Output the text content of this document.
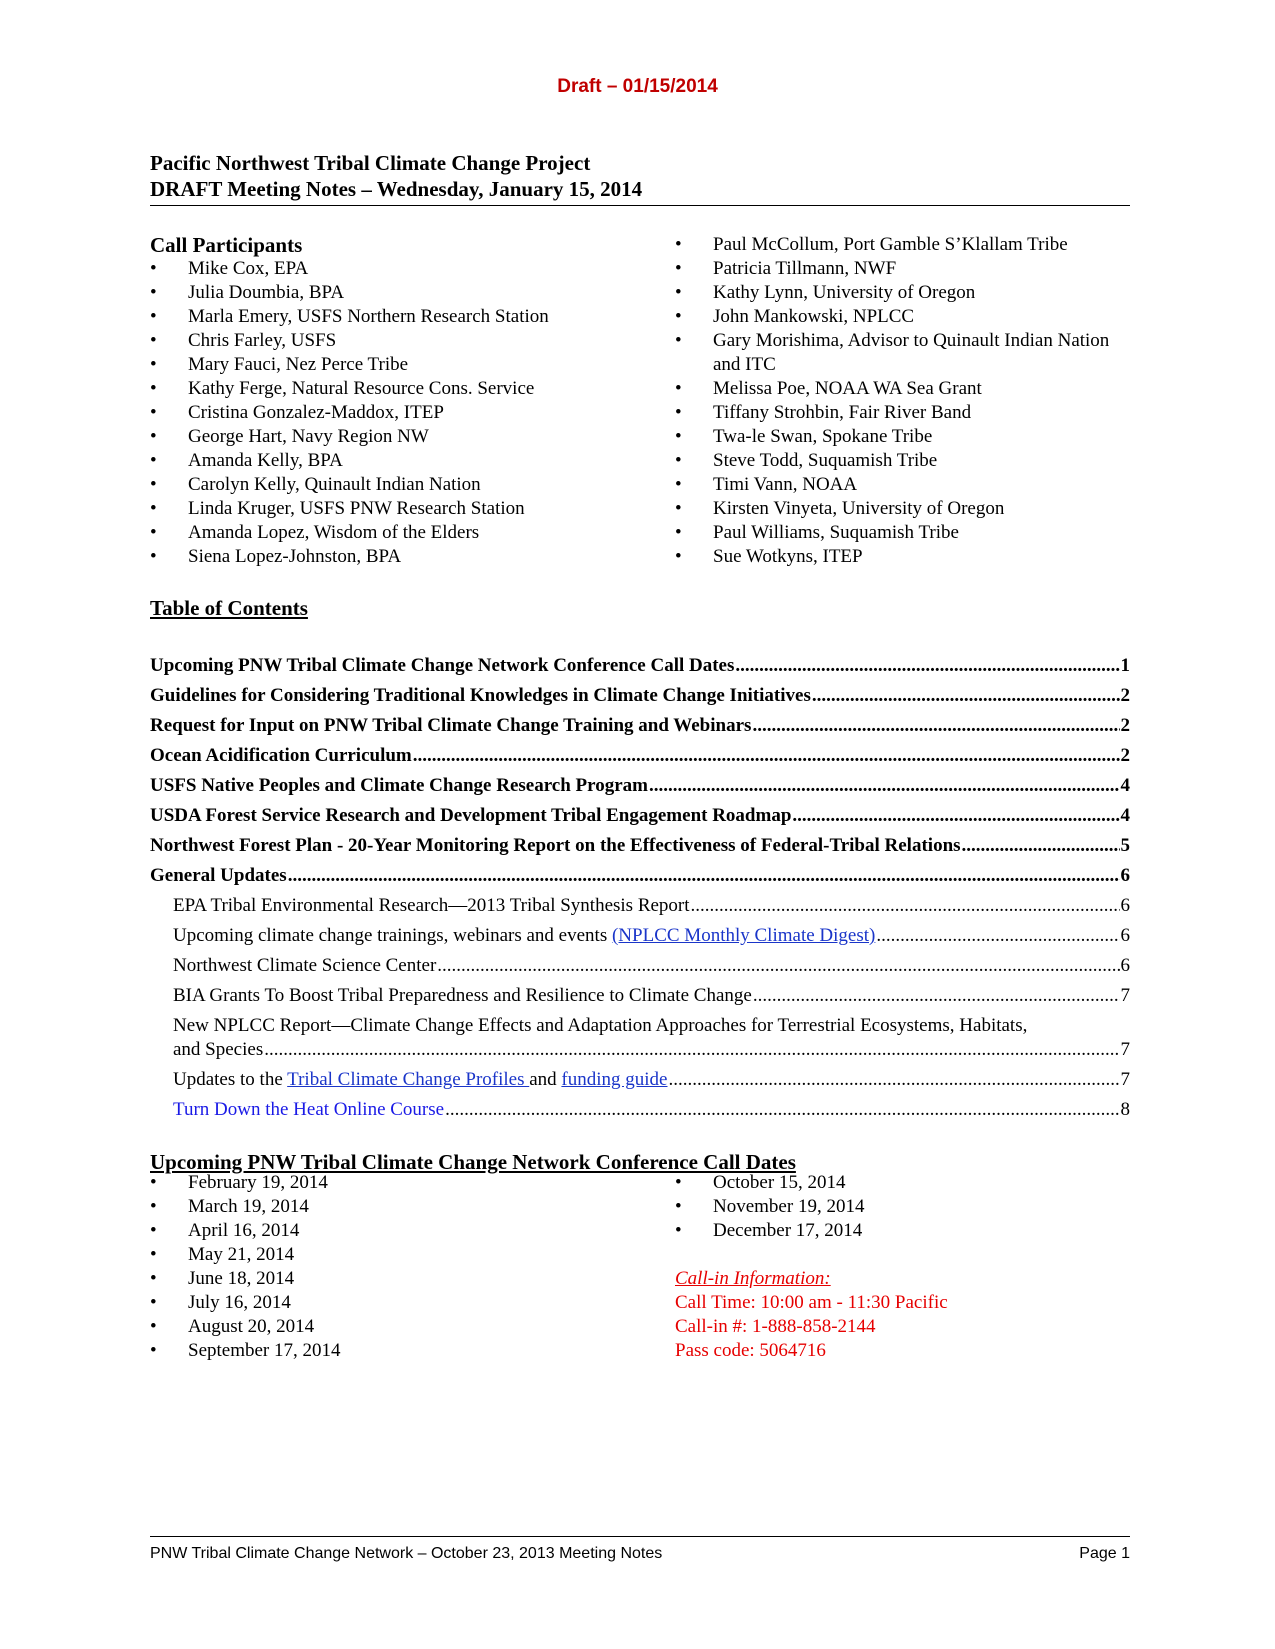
Draft – 01/15/2014
Pacific Northwest Tribal Climate Change Project
DRAFT Meeting Notes – Wednesday, January 15, 2014
Call Participants
• Mike Cox, EPA
• Julia Doumbia, BPA
• Marla Emery, USFS Northern Research Station
• Chris Farley, USFS
• Mary Fauci, Nez Perce Tribe
• Kathy Ferge, Natural Resource Cons. Service
• Cristina Gonzalez-Maddox, ITEP
• George Hart, Navy Region NW
• Amanda Kelly, BPA
• Carolyn Kelly, Quinault Indian Nation
• Linda Kruger, USFS PNW Research Station
• Amanda Lopez, Wisdom of the Elders
• Siena Lopez-Johnston, BPA
• Paul McCollum, Port Gamble S’Klallam Tribe
• Patricia Tillmann, NWF
• Kathy Lynn, University of Oregon
• John Mankowski, NPLCC
• Gary Morishima, Advisor to Quinault Indian Nation and ITC
• Melissa Poe, NOAA WA Sea Grant
• Tiffany Strohbin, Fair River Band
• Twa-le Swan, Spokane Tribe
• Steve Todd, Suquamish Tribe
• Timi Vann, NOAA
• Kirsten Vinyeta, University of Oregon
• Paul Williams, Suquamish Tribe
• Sue Wotkyns, ITEP
Table of Contents
Upcoming PNW Tribal Climate Change Network Conference Call Dates .....	1
Guidelines for Considering Traditional Knowledges in Climate Change Initiatives .....	2
Request for Input on PNW Tribal Climate Change Training and Webinars .....	2
Ocean Acidification Curriculum .....	2
USFS Native Peoples and Climate Change Research Program .....	4
USDA Forest Service Research and Development Tribal Engagement Roadmap .....	4
Northwest Forest Plan - 20-Year Monitoring Report on the Effectiveness of Federal-Tribal Relations .....	5
General Updates .....	6
EPA Tribal Environmental Research—2013 Tribal Synthesis Report .....	6
Upcoming climate change trainings, webinars and events (NPLCC Monthly Climate Digest) .....	6
Northwest Climate Science Center .....	6
BIA Grants To Boost Tribal Preparedness and Resilience to Climate Change .....	7
New NPLCC Report—Climate Change Effects and Adaptation Approaches for Terrestrial Ecosystems, Habitats,
and Species .....	7
Updates to the Tribal Climate Change Profiles and funding guide .....	7
Turn Down the Heat Online Course .....	8
Upcoming PNW Tribal Climate Change Network Conference Call Dates
• February 19, 2014
• March 19, 2014
• April 16, 2014
• May 21, 2014
• June 18, 2014
• July 16, 2014
• August 20, 2014
• September 17, 2014
• October 15, 2014
• November 19, 2014
• December 17, 2014
Call-in Information:
Call Time: 10:00 am - 11:30 Pacific
Call-in #: 1-888-858-2144
Pass code: 5064716
PNW Tribal Climate Change Network – October 23, 2013 Meeting Notes	Page 1
